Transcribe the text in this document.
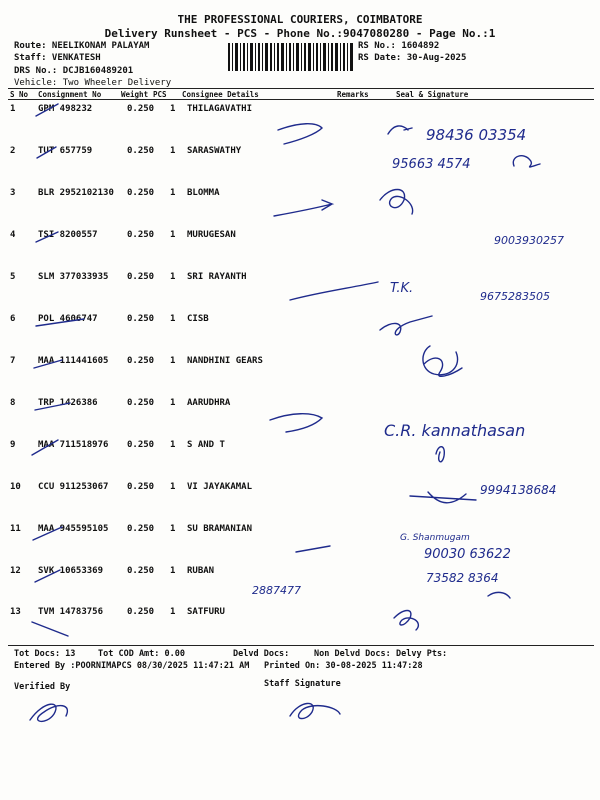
THE PROFESSIONAL COURIERS, COIMBATORE
Delivery Runsheet - PCS - Phone No.:9047080280 - Page No.:1
Route: NEELIKONAM PALAYAM
Staff: VENKATESH
DRS No.: DCJB160489201
Vehicle: Two Wheeler Delivery
RS No.: 1604892
RS Date: 30-Aug-2025
S No Consignment No	Weight PCS Consignee Details	Remarks	Seal & Signature
1	GPM 498232	0.250 1 THILAGAVATHI
2	TUT 657759	0.250 1 SARASWATHY
3	BLR 2952102130 0.250 1 BLOMMA
4	TSI 8200557	0.250 1 MURUGESAN
5	SLM 377033935 0.250 1 SRI RAYANTH
6	POL 4606747	0.250 1 CISB
7	MAA 111441605 0.250 1 NANDHINI GEARS
8	TRP 1426386	0.250 1 AARUDHRA
9	MAA 711518976 0.250 1 S AND T
10 CCU 911253067 0.250 1 VI JAYAKAMAL
11 MAA 945595105 0.250 1 SU BRAMANIAN
12 SVK 10653369	0.250 1 RUBAN
13 TVM 14783756	0.250 1 SATFURU
98436 03354
95663 4574
9003930257
T.K.
9675283505
C.R. kannathasan
9994138684
G. Shanmugam
90030 63622
73582 8364
2887477
Tot Docs: 13	Tot COD Amt: 0.00	Delvd Docs:	Non Delvd Docs: Delvy Pts:
Entered By :POORNIMAPCS 08/30/2025 11:47:21 AM Printed On: 30-08-2025 11:47:28
Verified By	Staff Signature
